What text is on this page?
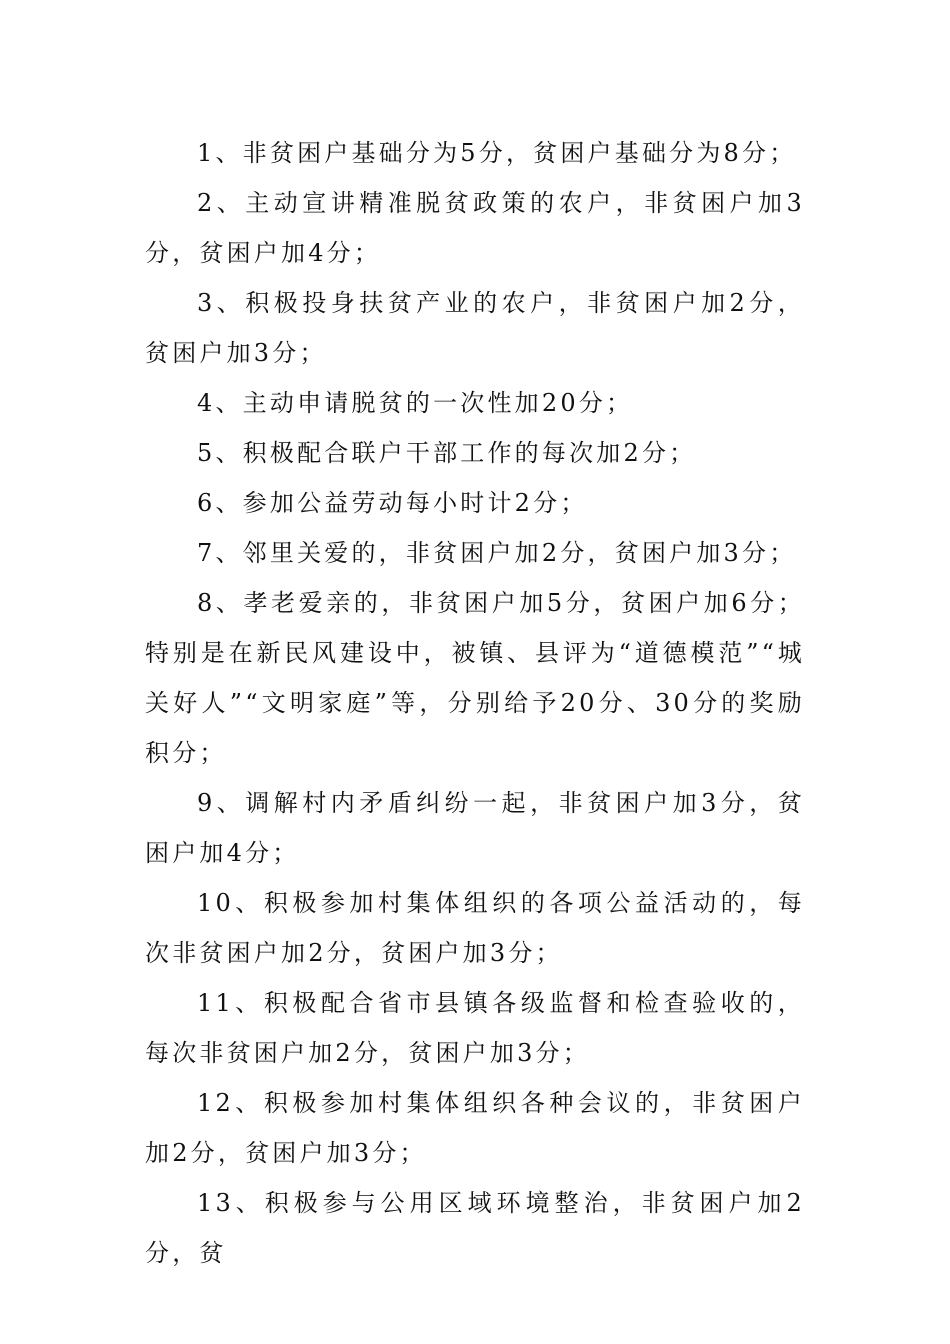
1、非贫困户基础分为5分，贫困户基础分为8分；

2、主动宣讲精准脱贫政策的农户，非贫困户加3分，贫困户加4分；

3、积极投身扶贫产业的农户，非贫困户加2分，贫困户加3分；

4、主动申请脱贫的一次性加20分；

5、积极配合联户干部工作的每次加2分；

6、参加公益劳动每小时计2分；

7、邻里关爱的，非贫困户加2分，贫困户加3分；

8、孝老爱亲的，非贫困户加5分，贫困户加6分；特别是在新民风建设中，被镇、县评为“道德模范”“城关好人”“文明家庭”等，分别给予20分、30分的奖励积分；

9、调解村内矛盾纠纷一起，非贫困户加3分，贫困户加4分；

10、积极参加村集体组织的各项公益活动的，每次非贫困户加2分，贫困户加3分；

11、积极配合省市县镇各级监督和检查验收的，每次非贫困户加2分，贫困户加3分；

12、积极参加村集体组织各种会议的，非贫困户加2分，贫困户加3分；

13、积极参与公用区域环境整治，非贫困户加2分，贫
